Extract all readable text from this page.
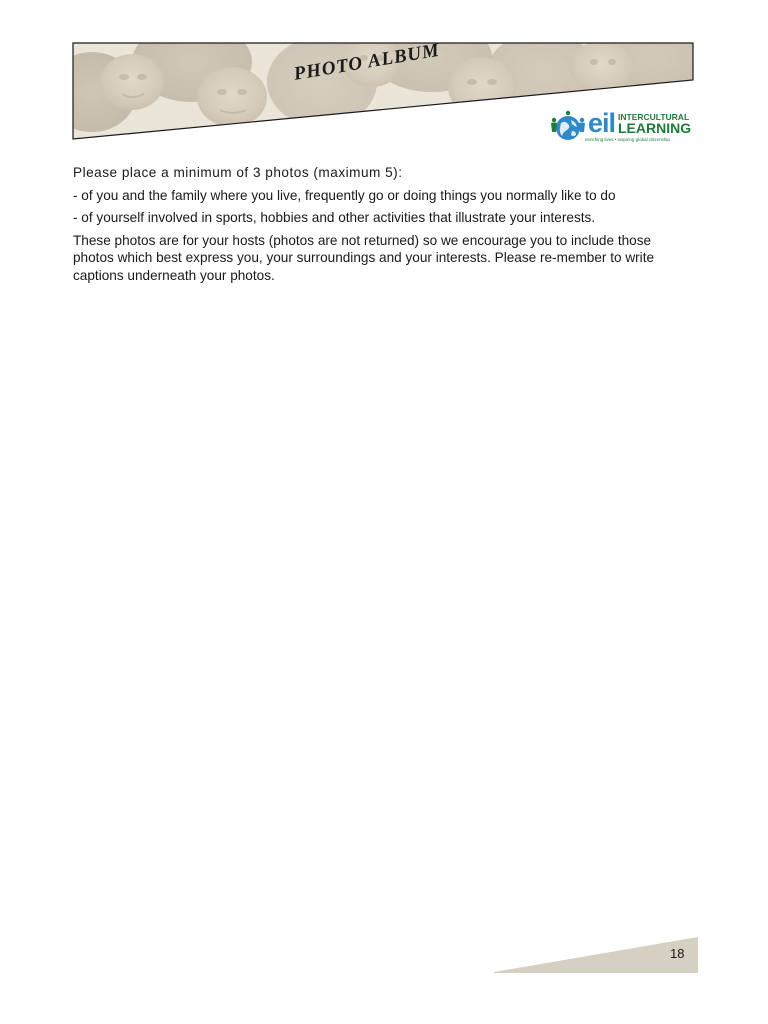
PHOTO ALBUM
eil INTERCULTURAL
LEARNING
enriching lives • inspiring global citizenship

Please place a minimum of 3 photos (maximum 5):

- of you and the family where you live, frequently go or doing things you normally like to do

- of yourself involved in sports, hobbies and other activities that illustrate your interests.

These photos are for your hosts (photos are not returned) so we encourage you to include those photos which best express you, your surroundings and your interests. Please re-member to write captions underneath your photos.

18
